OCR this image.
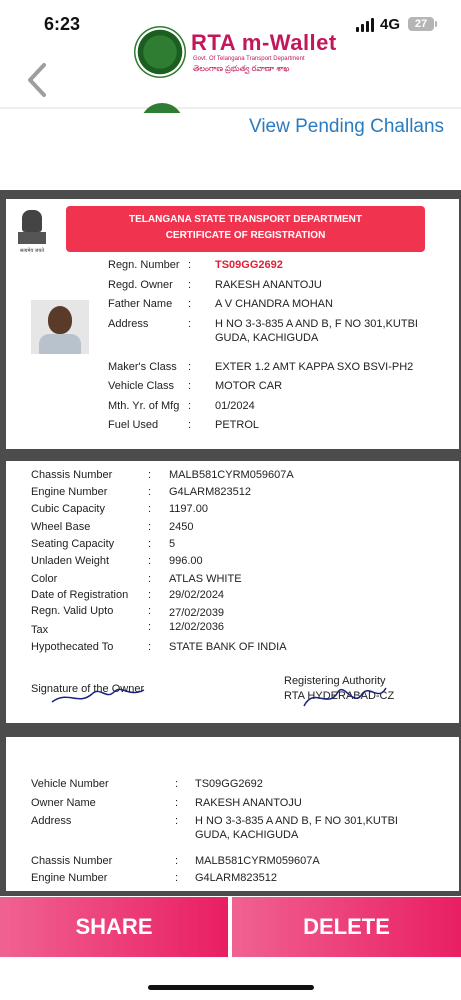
6:23	4G	27
RTA m-Wallet
Govt. Of Telangana Transport Department
తెలంగాణ ప్రభుత్వ రవాణా శాఖ
View Pending Challans
सत्यमेव जयते
TELANGANA STATE TRANSPORT DEPARTMENT
CERTIFICATE OF REGISTRATION
Regn. Number : TS09GG2692
Regd. Owner : RAKESH ANANTOJU
Father Name : A V CHANDRA MOHAN
Address	: H NO 3-3-835 A AND B, F NO 301,KUTBI GUDA, KACHIGUDA
Maker's Class : EXTER 1.2 AMT KAPPA SXO BSVI-PH2
Vehicle Class : MOTOR CAR
Mth. Yr. of Mfg : 01/2024
Fuel Used	: PETROL
Chassis Number	: MALB581CYRM059607A
Engine Number	: G4LARM823512
Cubic Capacity	: 1197.00
Wheel Base	: 2450
Seating Capacity	: 5
Unladen Weight	: 996.00
Color	: ATLAS WHITE
Date of Registration : 29/02/2024
Regn. Valid Upto	: 27/02/2039
Tax	: 12/02/2036
Hypothecated To	: STATE BANK OF INDIA
Signature of the Owner
Registering Authority
RTA HYDERABAD-CZ
Vehicle Number	: TS09GG2692
Owner Name	: RAKESH ANANTOJU
Address	: H NO 3-3-835 A AND B, F NO 301,KUTBI GUDA, KACHIGUDA
Chassis Number	: MALB581CYRM059607A
Engine Number	: G4LARM823512
SHARE	DELETE
